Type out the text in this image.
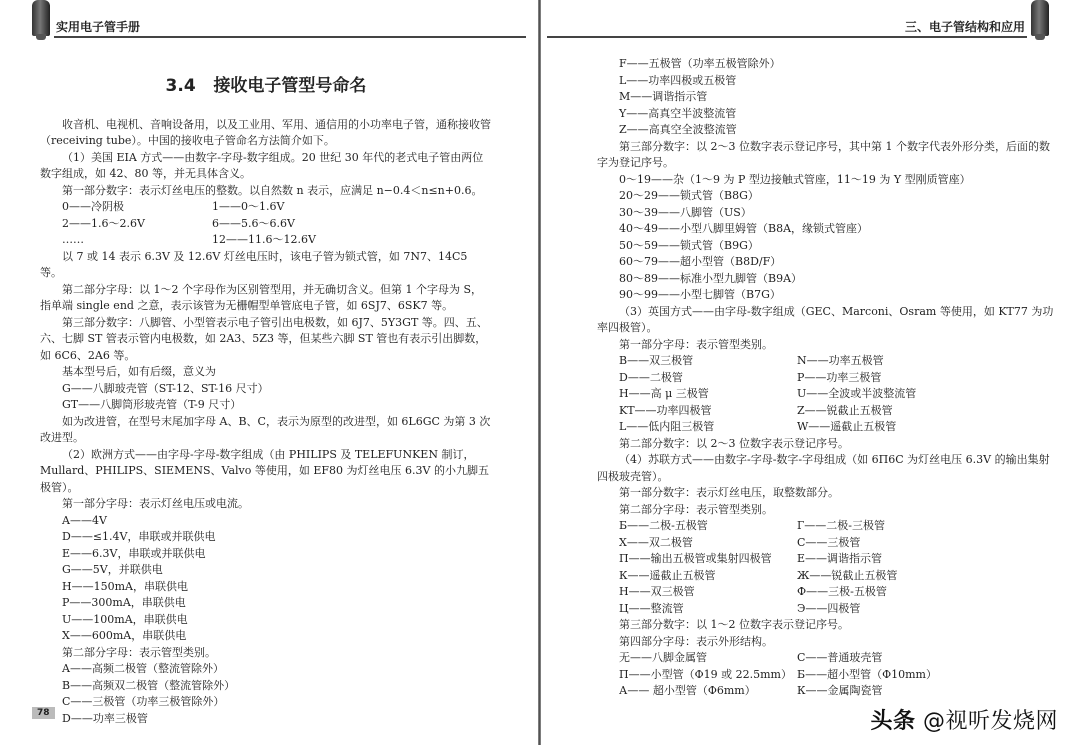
实用电子管手册

3.4 接收电子管型号命名

收音机、电视机、音响设备用，以及工业用、军用、通信用的小功率电子管，通称接收管（receiving tube）。中国的接收电子管命名方法简介如下。

（1）美国 EIA 方式——由数字-字母-数字组成。20 世纪 30 年代的老式电子管由两位数字组成，如 42、80 等，并无具体含义。

第一部分数字：表示灯丝电压的整数。以自然数 n 表示，应满足 n−0.4＜n≤n+0.6。

0——冷阴极	1——0～1.6V
2——1.6～2.6V	6——5.6～6.6V
……	12——11.6～12.6V

以 7 或 14 表示 6.3V 及 12.6V 灯丝电压时，该电子管为锁式管，如 7N7、14C5 等。

第二部分字母：以 1～2 个字母作为区别管型用，并无确切含义。但第 1 个字母为 S，指单端 single end 之意，表示该管为无栅帽型单管底电子管，如 6SJ7、6SK7 等。

第三部分数字：八脚管、小型管表示电子管引出电极数，如 6J7、5Y3GT 等。四、五、六、七脚 ST 管表示管内电极数，如 2A3、5Z3 等，但某些六脚 ST 管也有表示引出脚数，如 6C6、2A6 等。

基本型号后，如有后缀，意义为

G——八脚玻壳管（ST-12、ST-16 尺寸）

GT——八脚筒形玻壳管（T-9 尺寸）

如为改进管，在型号末尾加字母 A、B、C，表示为原型的改进型，如 6L6GC 为第 3 次改进型。

（2）欧洲方式——由字母-字母-数字组成（由 PHILIPS 及 TELEFUNKEN 制订，Mullard、PHILIPS、SIEMENS、Valvo 等使用，如 EF80 为灯丝电压 6.3V 的小九脚五极管）。

第一部分字母：表示灯丝电压或电流。

A——4V

D——≤1.4V，串联或并联供电

E——6.3V，串联或并联供电

G——5V，并联供电

H——150mA，串联供电

P——300mA，串联供电

U——100mA，串联供电

X——600mA，串联供电

第二部分字母：表示管型类别。

A——高频二极管（整流管除外）

B——高频双二极管（整流管除外）

C——三极管（功率三极管除外）

D——功率三极管

78
三、电子管结构和应用

F——五极管（功率五极管除外）

L——功率四极或五极管

M——调谐指示管

Y——高真空半波整流管

Z——高真空全波整流管

第三部分数字：以 2～3 位数字表示登记序号，其中第 1 个数字代表外形分类，后面的数字为登记序号。

0～19——杂（1～9 为 P 型边接触式管座，11～19 为 Y 型刚质管座）

20～29——锁式管（B8G）

30～39——八脚管（US）

40～49——小型八脚里姆管（B8A，缘锁式管座）

50～59——锁式管（B9G）

60～79——超小型管（B8D/F）

80～89——标准小型九脚管（B9A）

90～99——小型七脚管（B7G）

（3）英国方式——由字母-数字组成（GEC、Marconi、Osram 等使用，如 KT77 为功率四极管）。

第一部分字母：表示管型类别。

B——双三极管	N——功率五极管
D——二极管	P——功率三极管
H——高 μ 三极管	U——全波或半波整流管
KT——功率四极管	Z——锐截止五极管
L——低内阻三极管	W——遥截止五极管

第二部分数字：以 2～3 位数字表示登记序号。

（4）苏联方式——由数字-字母-数字-字母组成（如 6П6С 为灯丝电压 6.3V 的输出集射四极玻壳管）。

第一部分数字：表示灯丝电压，取整数部分。

第二部分字母：表示管型类别。

Б——二极-五极管	Г——二极-三极管
Х——双二极管	С——三极管
П——输出五极管或集射四极管	Е——调谐指示管
К——遥截止五极管	Ж——锐截止五极管
Н——双三极管	Ф——三极-五极管
Ц——整流管	Э——四极管

第三部分数字：以 1～2 位数字表示登记序号。

第四部分字母：表示外形结构。

无——八脚金属管	С——普通玻壳管
П——小型管（Φ19 或 22.5mm） Б——超小型管（Φ10mm）
А—— 超小型管（Φ6mm）	К——金属陶瓷管
头条 @视听发烧网
